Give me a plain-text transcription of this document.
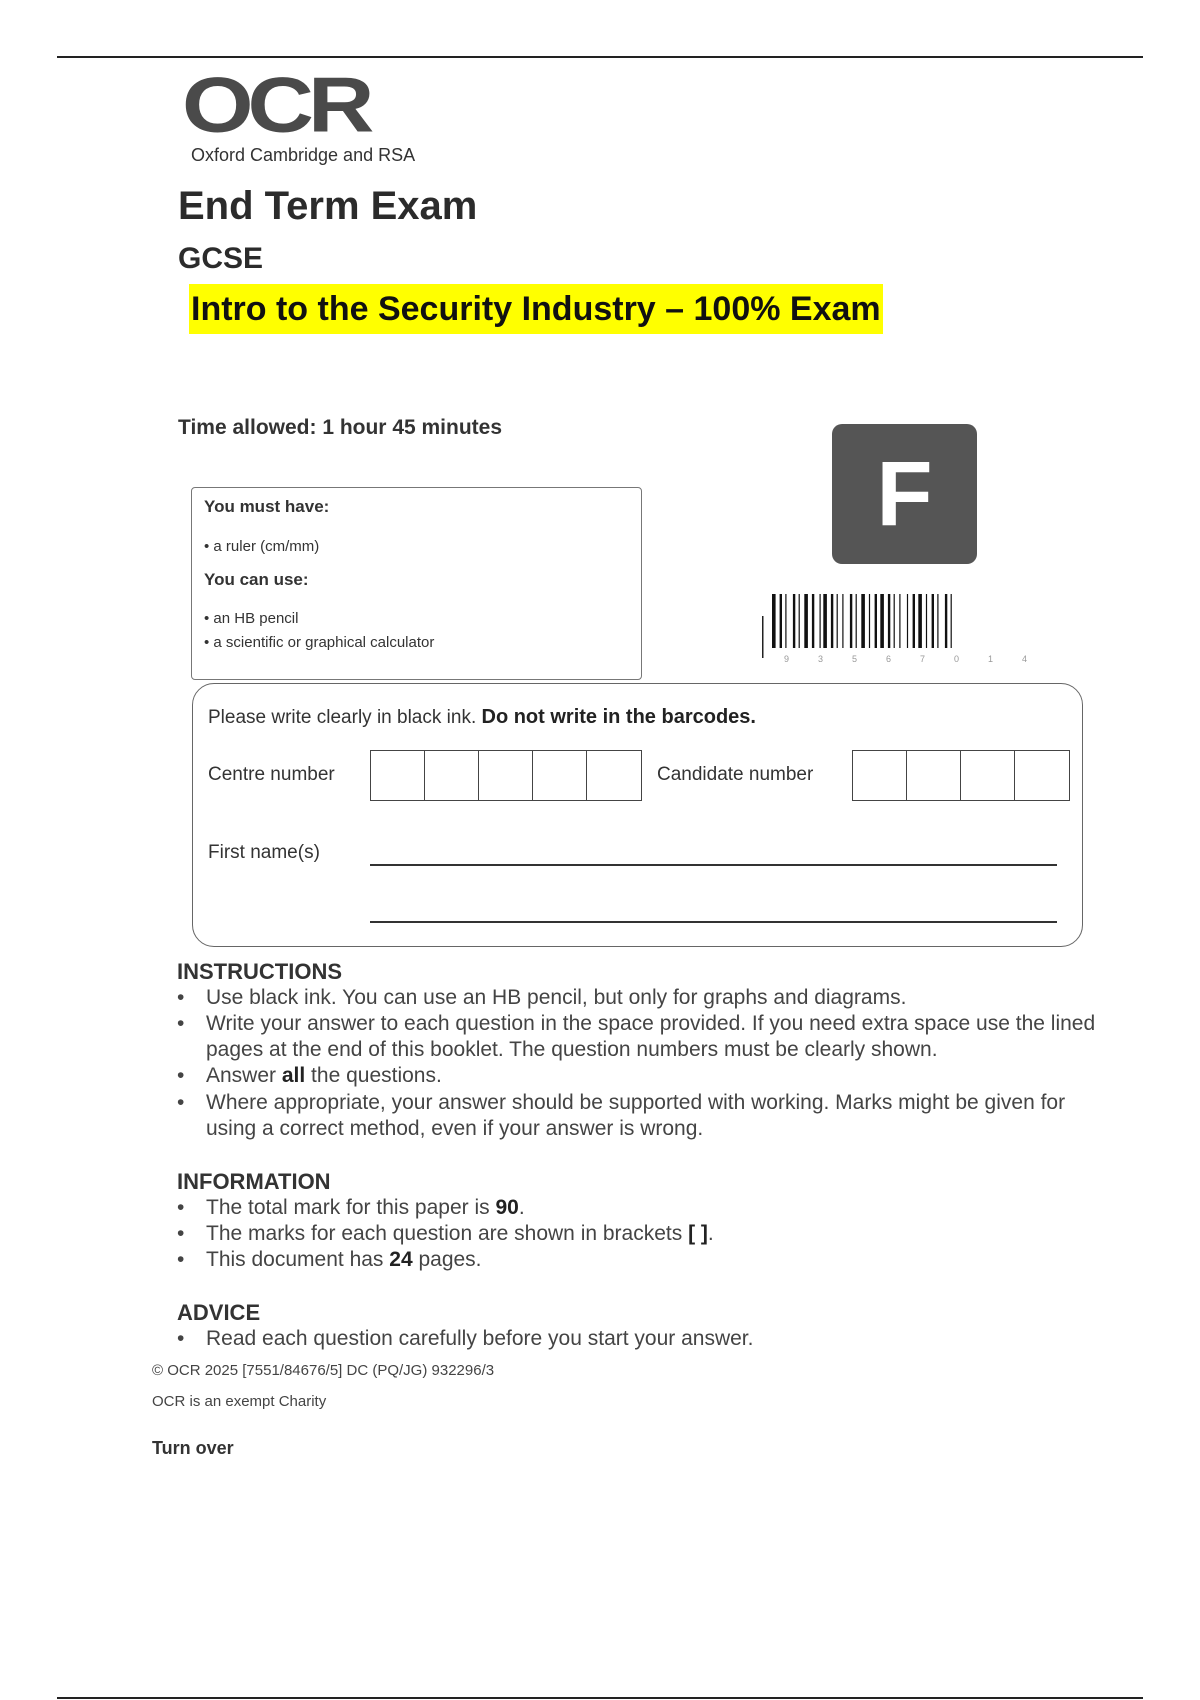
OCR
Oxford Cambridge and RSA
End Term Exam
GCSE
Intro to the Security Industry – 100% Exam
Time allowed: 1 hour 45 minutes
You must have:
• a ruler (cm/mm)
You can use:
• an HB pencil
• a scientific or graphical calculator
F
9	3	5	6	7	0	1	4
Please write clearly in black ink. Do not write in the barcodes.
Centre number	Candidate number
First name(s)
INSTRUCTIONS
• Use black ink. You can use an HB pencil, but only for graphs and diagrams.
• Write your answer to each question in the space provided. If you need extra space use the lined pages at the end of this booklet. The question numbers must be clearly shown.
• Answer all the questions.
• Where appropriate, your answer should be supported with working. Marks might be given for using a correct method, even if your answer is wrong.
INFORMATION
• The total mark for this paper is 90.
• The marks for each question are shown in brackets [ ].
• This document has 24 pages.
ADVICE
• Read each question carefully before you start your answer.
© OCR 2025 [7551/84676/5] DC (PQ/JG) 932296/3
OCR is an exempt Charity
Turn over
